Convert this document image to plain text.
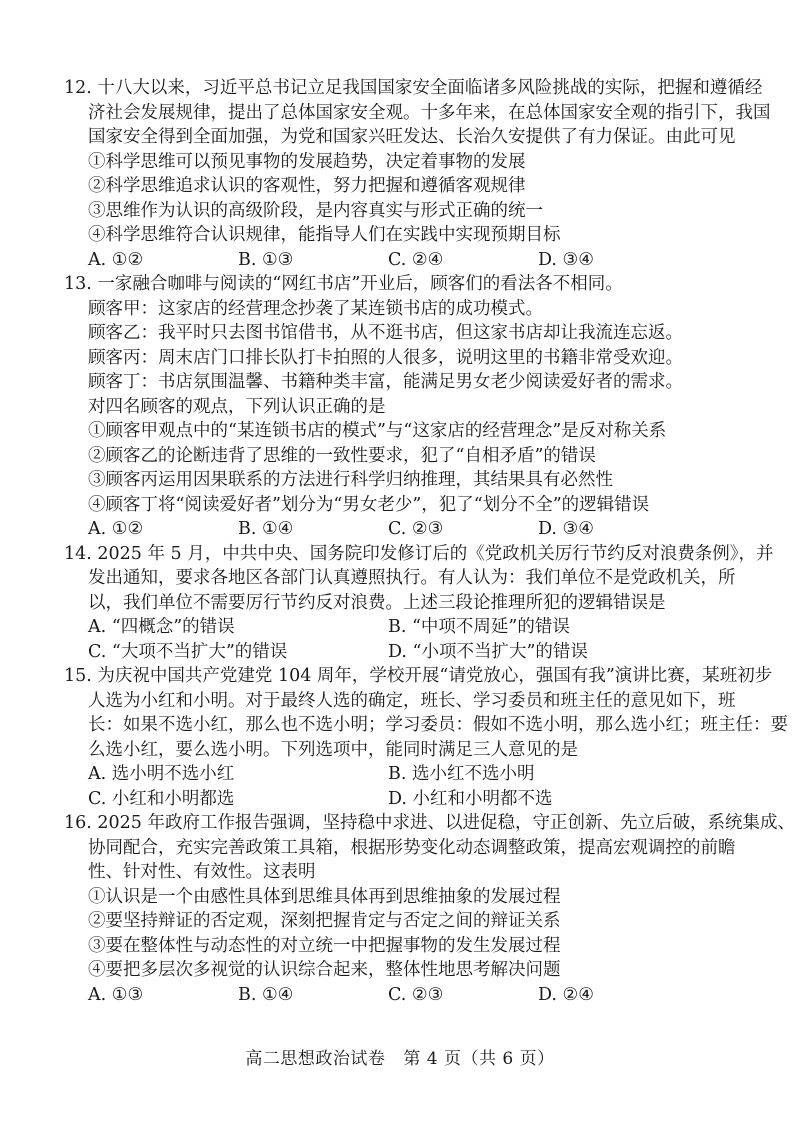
12. 十八大以来，习近平总书记立足我国国家安全面临诸多风险挑战的实际，把握和遵循经
济社会发展规律，提出了总体国家安全观。十多年来，在总体国家安全观的指引下，我国
国家安全得到全面加强，为党和国家兴旺发达、长治久安提供了有力保证。由此可见
①科学思维可以预见事物的发展趋势，决定着事物的发展
②科学思维追求认识的客观性，努力把握和遵循客观规律
③思维作为认识的高级阶段，是内容真实与形式正确的统一
④科学思维符合认识规律，能指导人们在实践中实现预期目标
A. ①②	B. ①③	C. ②④	D. ③④
13. 一家融合咖啡与阅读的“网红书店”开业后，顾客们的看法各不相同。
顾客甲：这家店的经营理念抄袭了某连锁书店的成功模式。
顾客乙：我平时只去图书馆借书，从不逛书店，但这家书店却让我流连忘返。
顾客丙：周末店门口排长队打卡拍照的人很多，说明这里的书籍非常受欢迎。
顾客丁：书店氛围温馨、书籍种类丰富，能满足男女老少阅读爱好者的需求。
对四名顾客的观点，下列认识正确的是
①顾客甲观点中的“某连锁书店的模式”与“这家店的经营理念”是反对称关系
②顾客乙的论断违背了思维的一致性要求，犯了“自相矛盾”的错误
③顾客丙运用因果联系的方法进行科学归纳推理，其结果具有必然性
④顾客丁将“阅读爱好者”划分为“男女老少”，犯了“划分不全”的逻辑错误
A. ①②	B. ①④	C. ②③	D. ③④
14. 2025 年 5 月，中共中央、国务院印发修订后的《党政机关厉行节约反对浪费条例》，并
发出通知，要求各地区各部门认真遵照执行。有人认为：我们单位不是党政机关，所
以，我们单位不需要厉行节约反对浪费。上述三段论推理所犯的逻辑错误是
A. “四概念”的错误	B. “中项不周延”的错误
C. “大项不当扩大”的错误	D. “小项不当扩大”的错误
15. 为庆祝中国共产党建党 104 周年，学校开展“请党放心，强国有我”演讲比赛，某班初步
人选为小红和小明。对于最终人选的确定，班长、学习委员和班主任的意见如下，班
长：如果不选小红，那么也不选小明；学习委员：假如不选小明，那么选小红；班主任：要
么选小红，要么选小明。下列选项中，能同时满足三人意见的是
A. 选小明不选小红	B. 选小红不选小明
C. 小红和小明都选	D. 小红和小明都不选
16. 2025 年政府工作报告强调，坚持稳中求进、以进促稳，守正创新、先立后破，系统集成、
协同配合，充实完善政策工具箱，根据形势变化动态调整政策，提高宏观调控的前瞻
性、针对性、有效性。这表明
①认识是一个由感性具体到思维具体再到思维抽象的发展过程
②要坚持辩证的否定观，深刻把握肯定与否定之间的辩证关系
③要在整体性与动态性的对立统一中把握事物的发生发展过程
④要把多层次多视觉的认识综合起来，整体性地思考解决问题
A. ①③	B. ①④	C. ②③	D. ②④
高二思想政治试卷 第 4 页（共 6 页）
